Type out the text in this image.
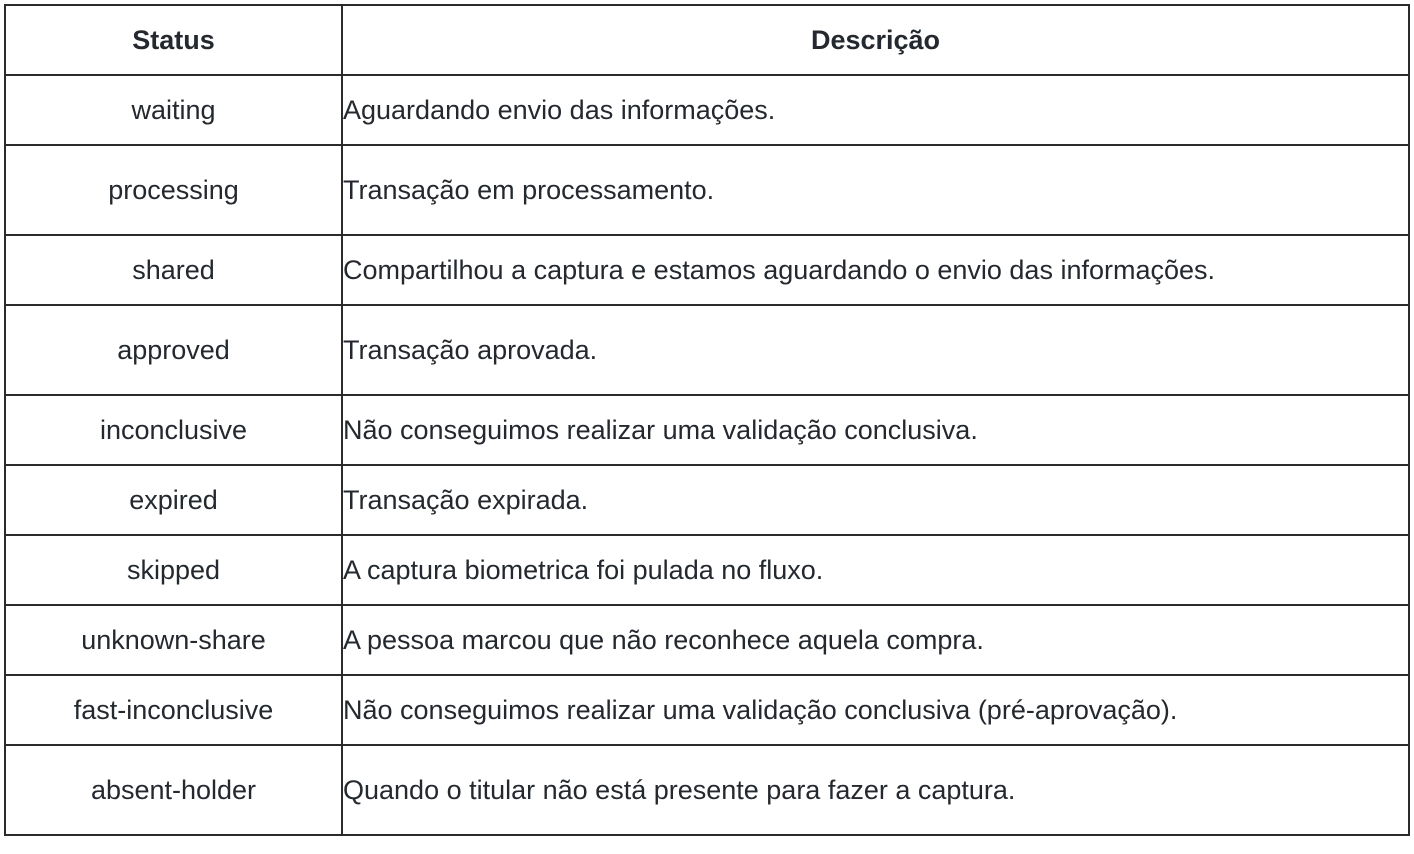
Status	Descrição
waiting	Aguardando envio das informações.
processing	Transação em processamento.
shared	Compartilhou a captura e estamos aguardando o envio das informações.
approved	Transação aprovada.
inconclusive	Não conseguimos realizar uma validação conclusiva.
expired	Transação expirada.
skipped	A captura biometrica foi pulada no fluxo.
unknown-share	A pessoa marcou que não reconhece aquela compra.
fast-inconclusive	Não conseguimos realizar uma validação conclusiva (pré-aprovação).
absent-holder	Quando o titular não está presente para fazer a captura.
